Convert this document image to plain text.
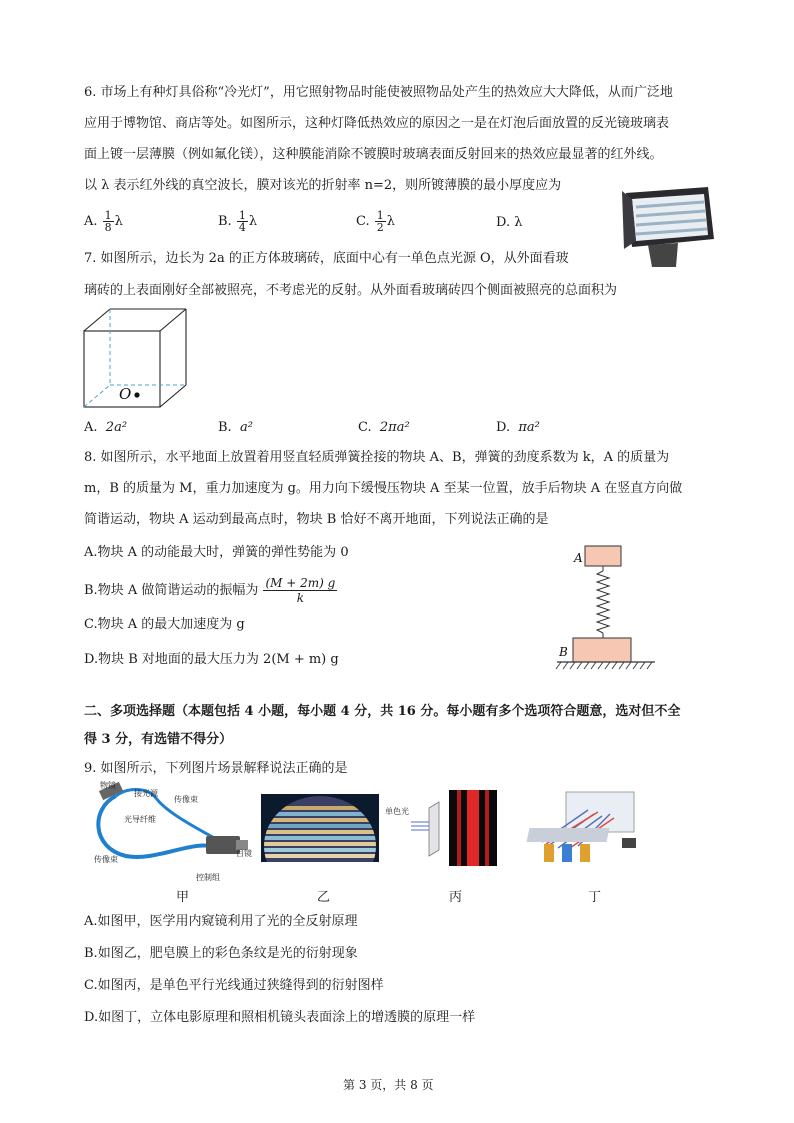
6. 市场上有种灯具俗称“冷光灯”，用它照射物品时能使被照物品处产生的热效应大大降低，从而广泛地
应用于博物馆、商店等处。如图所示，这种灯降低热效应的原因之一是在灯泡后面放置的反光镜玻璃表
面上镀一层薄膜（例如氟化镁），这种膜能消除不镀膜时玻璃表面反射回来的热效应最显著的红外线。
以 λ 表示红外线的真空波长，膜对该光的折射率 n=2，则所镀薄膜的最小厚度应为
A. $\frac{1}{8}$ λ	B. $\frac{1}{4}$ λ	C. $\frac{1}{2}$ λ	D. λ
7. 如图所示，边长为 2a 的正方体玻璃砖，底面中心有一单色点光源 O，从外面看玻
璃砖的上表面刚好全部被照亮，不考虑光的反射。从外面看玻璃砖四个侧面被照亮的总面积为
O
A. 2a²	B. a²	C. 2πa²	D. πa²
8. 如图所示，水平地面上放置着用竖直轻质弹簧拴接的物块 A、B，弹簧的劲度系数为 k，A 的质量为
m，B 的质量为 M，重力加速度为 g。用力向下缓慢压物块 A 至某一位置，放手后物块 A 在竖直方向做
简谐运动，物块 A 运动到最高点时，物块 B 恰好不离开地面，下列说法正确的是
A.物块 A 的动能最大时，弹簧的弹性势能为 0
B.物块 A 做简谐运动的振幅为 $\frac{(M + 2m) g}{k}$
C.物块 A 的最大加速度为 g
D.物块 B 对地面的最大压力为 2(M + m) g
A
B
二、多项选择题（本题包括 4 小题，每小题 4 分，共 16 分。每小题有多个选项符合题意，选对但不全
得 3 分，有选错不得分）
9. 如图所示，下列图片场景解释说法正确的是
物镜
接光源
传像束
光导纤维
传像束
目镜
控制组
单色光
甲	乙	丙	丁
A.如图甲，医学用内窥镜利用了光的全反射原理
B.如图乙，肥皂膜上的彩色条纹是光的衍射现象
C.如图丙，是单色平行光线通过狭缝得到的衍射图样
D.如图丁，立体电影原理和照相机镜头表面涂上的增透膜的原理一样
第 3 页，共 8 页
